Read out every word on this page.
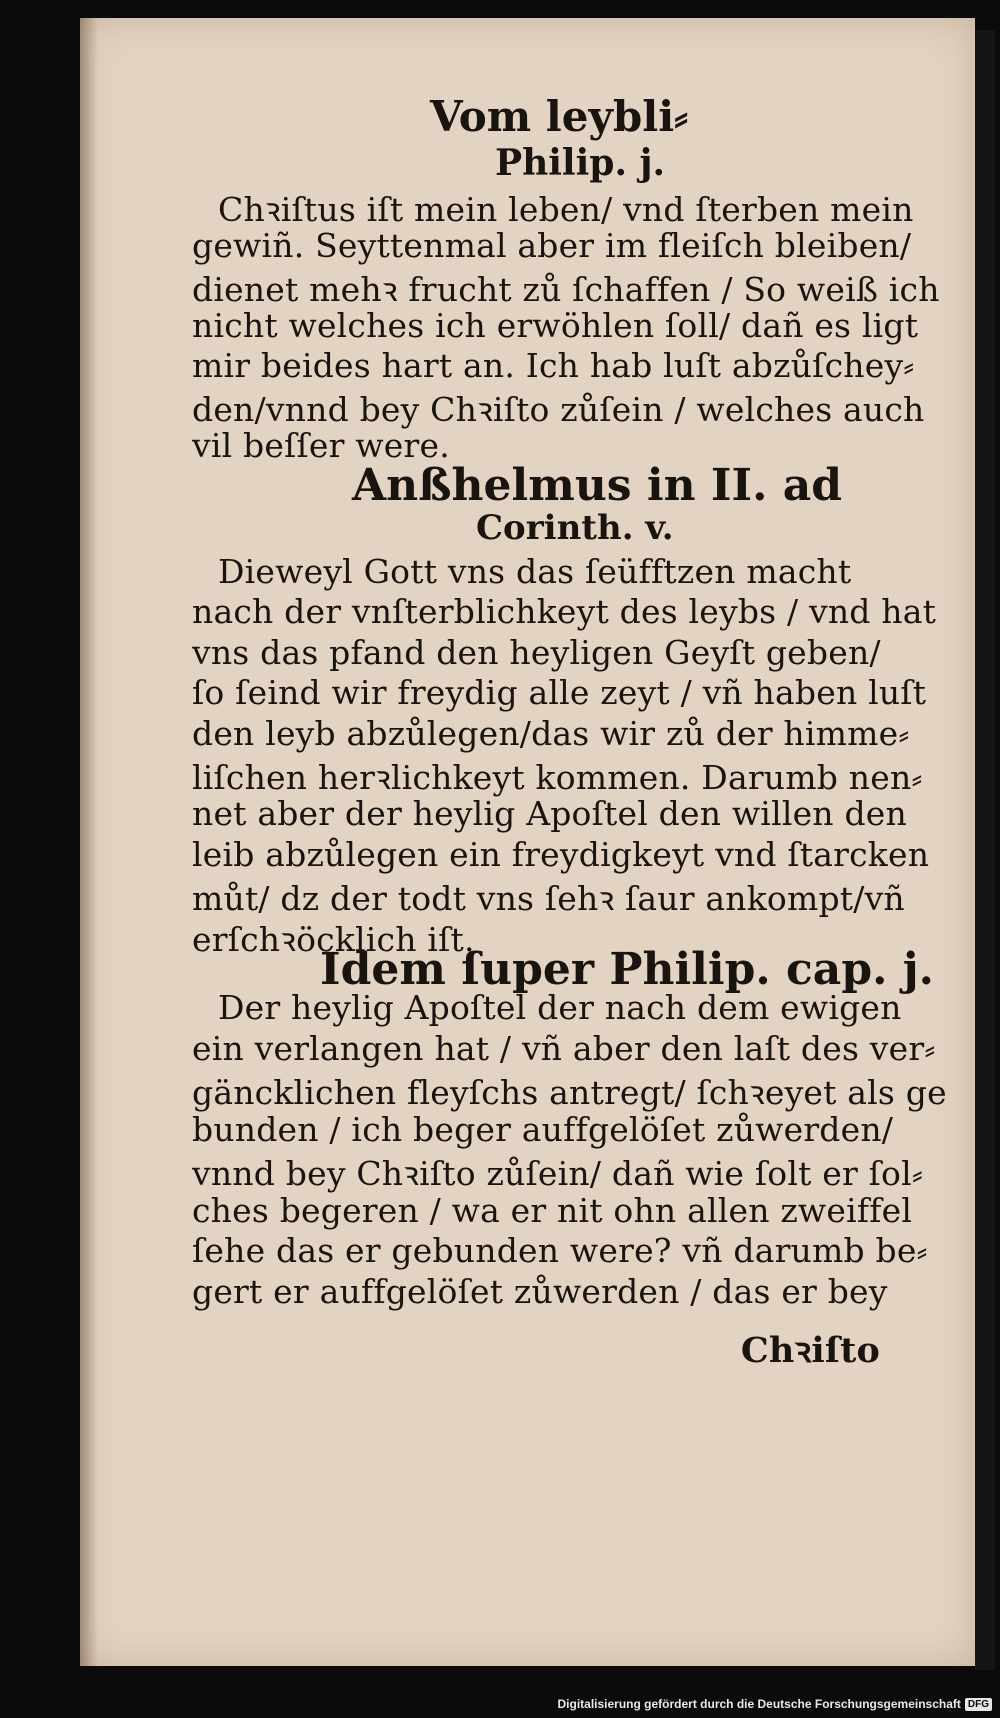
Vom leybli⸗
Philip. j.
Chꝛiſtus iſt mein leben/ vnd ſterben mein
gewiñ. Seyttenmal aber im fleiſch bleiben/
dienet mehꝛ frucht zů ſchaffen / So weiß ich
nicht welches ich erwöhlen ſoll/ dañ es ligt
mir beides hart an. Ich hab luſt abzůſchey⸗
den/vnnd bey Chꝛiſto zůſein / welches auch
vil beſſer were.
Anßhelmus in II. ad
Corinth. v.
Dieweyl Gott vns das ſeüfftzen macht
nach der vnſterblichkeyt des leybs / vnd hat
vns das pfand den heyligen Geyſt geben/
ſo ſeind wir freydig alle zeyt / vñ haben luſt
den leyb abzůlegen/das wir zů der himme⸗
liſchen herꝛlichkeyt kommen. Darumb nen⸗
net aber der heylig Apoſtel den willen den
leib abzůlegen ein freydigkeyt vnd ſtarcken
můt/ dz der todt vns ſehꝛ ſaur ankompt/vñ
erſchꝛöcklich iſt.
Idem ſuper Philip. cap. j.
Der heylig Apoſtel der nach dem ewigen
ein verlangen hat / vñ aber den laſt des ver⸗
gäncklichen fleyſchs antregt/ ſchꝛeyet als ge
bunden / ich beger auffgelöſet zůwerden/
vnnd bey Chꝛiſto zůſein/ dañ wie ſolt er ſol⸗
ches begeren / wa er nit ohn allen zweiffel
ſehe das er gebunden were? vñ darumb be⸗
gert er auffgelöſet zůwerden / das er bey
Chꝛiſto
Digitalisierung gefördert durch die Deutsche Forschungsgemeinschaft DFG
